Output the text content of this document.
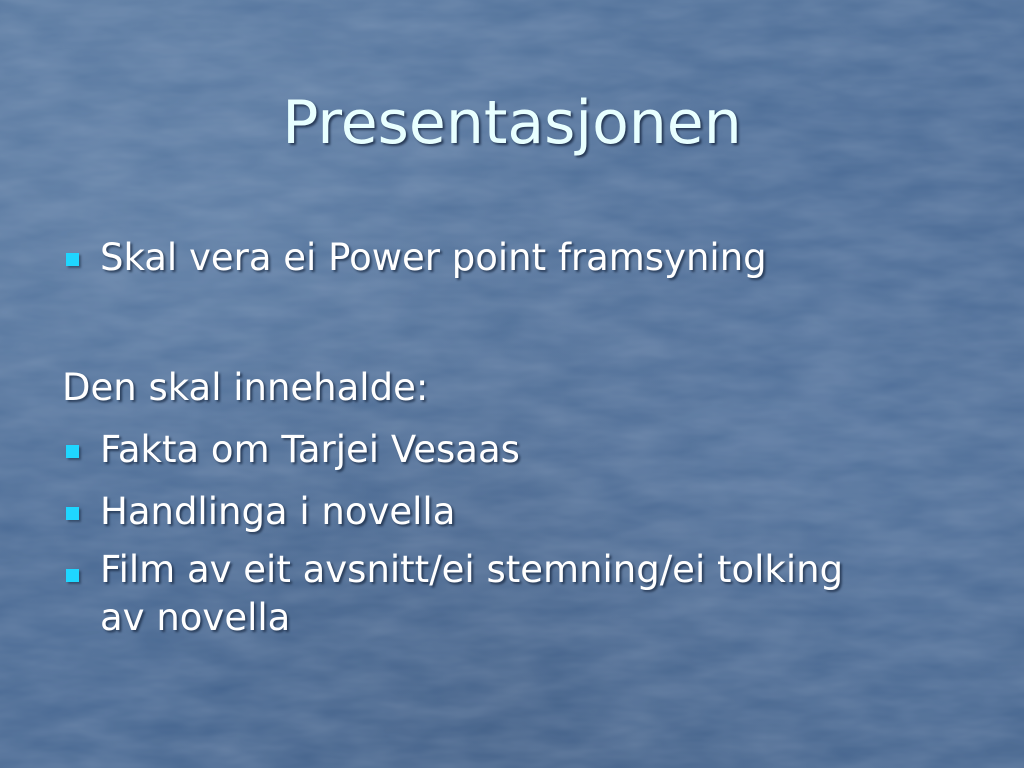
Presentasjonen
Skal vera ei Power point framsyning
Den skal innehalde:
Fakta om Tarjei Vesaas
Handlinga i novella
Film av eit avsnitt/ei stemning/ei tolking
av novella
